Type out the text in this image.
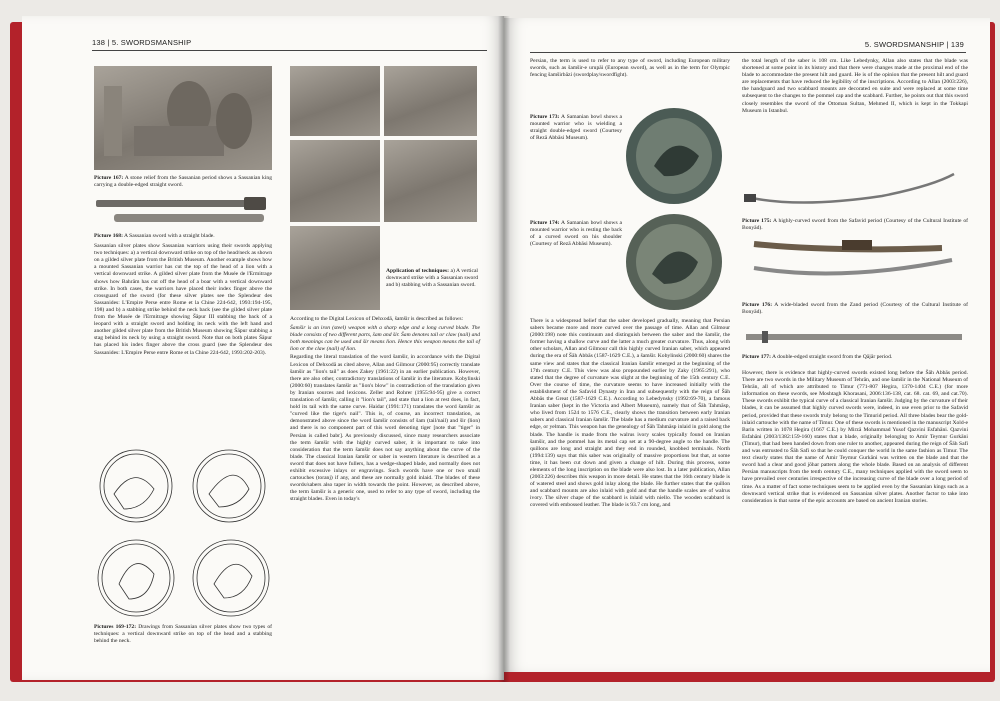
138 | 5. SWORDSMANSHIP
Picture 167: A stone relief from the Sassanian period shows a Sassanian king carrying a double-edged straight sword.
Picture 168: A Sassanian sword with a straight blade.

Sassanian silver plates show Sassanian warriors using their swords applying two techniques: a) a vertical downward strike on top of the head/neck as shown on a gilded silver plate from the British Museum. Another example shows how a mounted Sassanian warrior has cut the top of the head of a lion with a vertical downward strike. A gilded silver plate from the Musée de l'Ermitrage shows how Bahrām has cut off the head of a boar with a vertical downward strike. In both cases, the warriors have placed their index finger above the crossguard of the sword (for these silver plates see the Splendeur des Sassanides: L'Empire Perse entre Rome et la Chine 224-642, 1993:194-195, 198) and b) a stabbing strike behind the neck back (see the gilded silver plate from the Musée de l'Ermitrage showing Šāpur III stabbing the back of a leopard with a straight sword and holding its neck with the left hand and another gilded silver plate from the British Museum showing Šāpur stabbing a stag behind its neck by using a straight sword. Note that on both plates Šāpur has placed his index finger above the cross guard (see the Splendeur des Sassanides: L'Empire Perse entre Rome et la Chine 224-642, 1993:202-203).

Pictures 169-172: Drawings from Sassanian silver plates show two types of techniques: a vertical downward strike on top of the head and a stabbing behind the neck.
Application of techniques: a) A vertical downward strike with a Sassanian sword and b) stabbing with a Sassanian sword.

According to the Digital Lexicon of Dehxodā, šamšir is described as follows:

Šamšir is an iron (steel) weapon with a sharp edge and a long curved blade. The blade consists of two different parts, šam and šir. Šam denotes tail or claw (nail) and both meanings can be used and šir means lion. Hence this weapon means the tail of lion or the claw (nail) of lion.

Regarding the literal translation of the word šamšir, in accordance with the Digital Lexicon of Dehxodā as cited above, Allan and Gilmour (2000:95) correctly translate šamšir as "lion's tail" as does Zakey (1961:22) in an earlier publication. However, there are also other, contradictory translations of šamšir in the literature. Kobylinski (2000:60) translates šamšir as "lion's blow" in contradiction of the translation given by Iranian sources and lexicons. Zeller and Rohrer (1955:94-95) give a correct translation of šamšir, calling it "lion's tail", and state that a lion at rest does, in fact, hold its tail with the same curve. Haidar (1991:171) translates the word šamšir as "curved like the tiger's nail". This is, of course, an incorrect translation, as demonstrated above since the word šamšir consists of šam (tail/nail) and šir (lion) and there is no component part of this word denoting tiger [note that "tiger" in Persian is called babr]. As previously discussed, since many researchers associate the term šamšir with the highly curved saber, it is important to take into consideration that the term šamšir does not say anything about the curve of the blade. The classical Iranian šamšir or saber in western literature is described as a sword that does not have fullers, has a wedge-shaped blade, and normally does not exhibit excessive inlays or engravings. Such swords have one or two small cartouches (toranj) if any, and these are normally gold inlaid. The blades of these swords/sabers also taper in width towards the point. However, as described above, the term šamšir is a generic one, used to refer to any type of sword, including the straight blades. Even in today's

5. SWORDSMANSHIP | 139

Persian, the term is used to refer to any type of sword, including European military swords, such as šamšir-e urupāi (European sword), as well as in the term for Olympic fencing šamširbāzi (swordplay/swordfight).

Picture 173: A Samanian bowl shows a mounted warrior who is wielding a straight double-edged sword (Courtesy of Rezā Abbāsi Museum).
Picture 174: A Samanian bowl shows a mounted warrior who is resting the back of a curved sword on his shoulder (Courtesy of Rezā Abbāsi Museum).

There is a widespread belief that the saber developed gradually, meaning that Persian sabers became more and more curved over the passage of time. Allan and Gilmour (2000:198) note this continuum and distinguish between the saber and the šamšir, the former having a shallow curve and the latter a much greater curvature. Thus, along with other scholars, Allan and Gilmour call this highly curved Iranian saber, which appeared during the era of Šāh Abbās (1587-1629 C.E.), a šamšir. Kobylinski (2000:60) shares the same view and states that the classical Iranian šamšir emerged at the beginning of the 17th century C.E. This view was also propounded earlier by Zaky (1965:291), who stated that the degree of curvature was slight at the beginning of the 15th century C.E. Over the course of time, the curvature seems to have increased initially with the establishment of the Safavid Dynasty in Iran and subsequently with the reign of Šāh Abbās the Great (1587-1629 C.E.). According to Lebedynsky (1992:69-70), a famous Iranian saber (kept in the Victoria and Albert Museum), namely that of Šāh Tahmāsp, who lived from 1524 to 1576 C.E., clearly shows the transition between early Iranian sabers and classical Iranian šamšir. The blade has a medium curvature and a raised back edge, or yelman. This weapon has the genealogy of Šāh Tahmāsp inlaid in gold along the blade. The handle is made from the walrus ivory scales typically found on Iranian šamšir, and the pommel has its metal cap set at a 90-degree angle to the handle. The quillons are long and straight and they end in rounded, knobbed terminals. North (1994:139) says that this saber was originally of massive proportions but that, at some time, it has been cut down and given a change of hilt. During this process, some elements of the long inscription on the blade were also lost. In a later publication, Allan (2003:226) describes this weapon in more detail. He states that the 16th century blade is of watered steel and shows gold inlay along the blade. He further states that the quillon and scabbard mounts are also inlaid with gold and that the handle scales are of walrus ivory. The silver chape of the scabbard is inlaid with niello. The wooden scabbard is covered with embossed leather. The blade is 93.7 cm long, and

the total length of the saber is 108 cm. Like Lebedynky, Allan also states that the blade was shortened at some point in its history and that there were changes made at the proximal end of the blade to accommodate the present hilt and guard. He is of the opinion that the present hilt and guard are replacements that have reduced the legibility of the inscriptions. According to Allan (2003:226), the handguard and two scabbard mounts are decorated en suite and were replaced at some time subsequent to the changes to the pommel cap and the scabbard. Further, he points out that this sword closely resembles the sword of the Ottoman Sultan, Mehmed II, which is kept in the Tokkapi Museum in Istanbul.

Picture 175: A highly-curved sword from the Safavid period (Courtesy of the Cultural Institute of Bonyād).
Picture 176: A wide-bladed sword from the Zand period (Courtesy of the Cultural Institute of Bonyād).
Picture 177: A double-edged straight sword from the Qājār period.

However, there is evidence that highly-curved swords existed long before the Šāh Abbās period. There are two swords in the Military Museum of Tehrān, and one šamšir in the National Museum of Tehrān, all of which are attributed to Timur (771-807 Hegira, 1370-1404 C.E.) (for more information on these swords, see Moshtagh Khorasani, 2006:136-138, cat. 68. cat. 69, and cat.70). These swords exhibit the typical curve of a classical Iranian šamšir. Judging by the curvature of their blades, it can be assumed that highly curved swords were, indeed, in use even prior to the Safavid period, provided that these swords truly belong to the Timurid period. All three blades bear the gold-inlaid cartouche with the name of Timur. One of these swords is mentioned in the manuscript Xold-e Barin written in 1078 Hegira (1667 C.E.) by Mirzā Mohammad Yusof Qazvini Esfahāni. Qazvini Esfahāni (2003/1382:159-160) states that a blade, originally belonging to Amir Teymur Gurkāni (Timur), that had been handed down from one ruler to another, appeared during the reign of Šāh Safi and was entrusted to Šāh Safi so that he could conquer the world in the same fashion as Timur. The text clearly states that the name of Amir Teymur Gurkāni was written on the blade and that the sword had a clear and good jōhar pattern along the whole blade. Based on an analysis of different Persian manuscripts from the tenth century C.E., many techniques applied with the sword seem to have prevailed over centuries irrespective of the increasing curve of the blade over a long period of time. As a matter of fact some techniques seem to be applied even by the Sassanian kings such as a downward vertical strike that is evidenced on Sassanian silver plates. Another factor to take into consideration is that some of the epic accounts are based on ancient Iranian stories.
